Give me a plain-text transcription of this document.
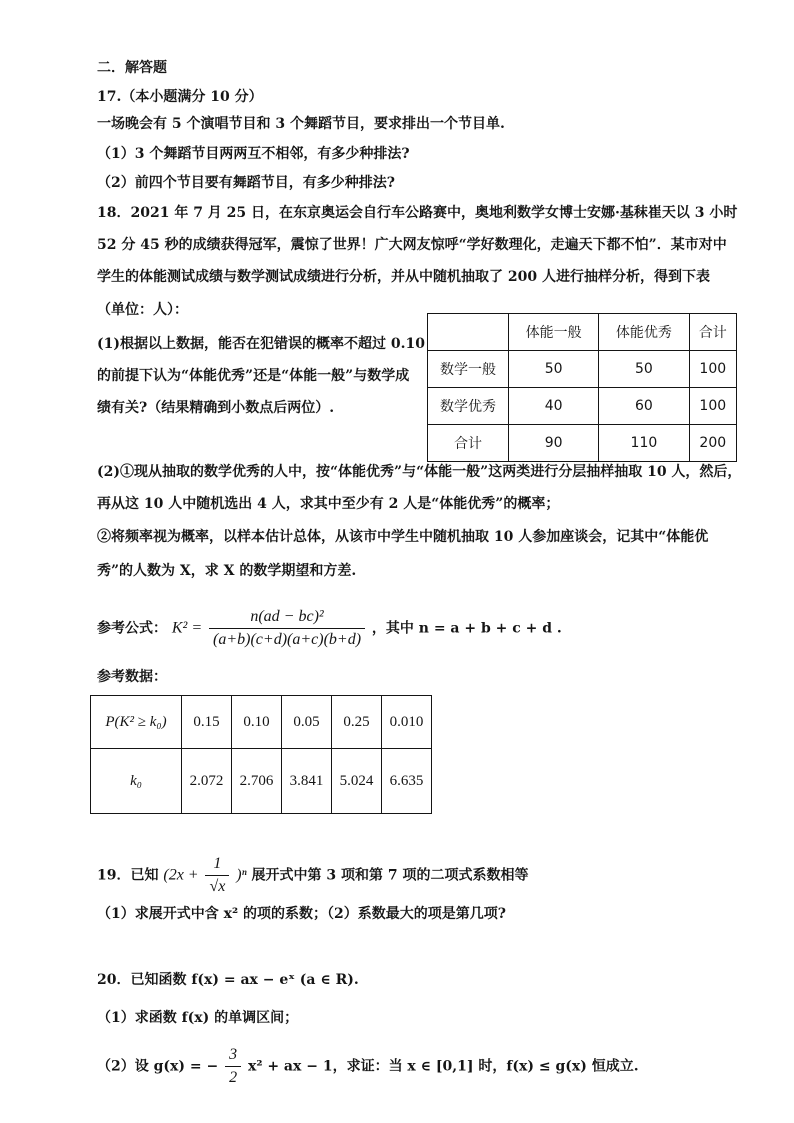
二．解答题
17.（本小题满分 10 分）
一场晚会有 5 个演唱节目和 3 个舞蹈节目，要求排出一个节目单.
（1）3 个舞蹈节目两两互不相邻，有多少种排法?
（2）前四个节目要有舞蹈节目，有多少种排法?
18．2021 年 7 月 25 日，在东京奥运会自行车公路赛中，奥地利数学女博士安娜·基秣崔天以 3 小时
52 分 45 秒的成绩获得冠军，震惊了世界！广大网友惊呼“学好数理化，走遍天下都不怕”．某市对中
学生的体能测试成绩与数学测试成绩进行分析，并从中随机抽取了 200 人进行抽样分析，得到下表
（单位：人）：
(1)根据以上数据，能否在犯错误的概率不超过 0.10
的前提下认为“体能优秀”还是“体能一般”与数学成
绩有关?（结果精确到小数点后两位）.
	体能一般	体能优秀	合计
数学一般	50	50	100
数学优秀	40	60	100
合计	90	110	200
(2)①现从抽取的数学优秀的人中，按“体能优秀”与“体能一般”这两类进行分层抽样抽取 10 人，然后，
再从这 10 人中随机选出 4 人，求其中至少有 2 人是“体能优秀”的概率；
②将频率视为概率，以样本估计总体，从该市中学生中随机抽取 10 人参加座谈会，记其中“体能优
秀”的人数为 X，求 X 的数学期望和方差.
参考公式： $K^2 = \frac{\text{n(ad − bc)²}}{(a+b)(c+d)(a+c)(b+d)}$ ，其中 n = a + b + c + d .
参考数据：
P(K² ≥ k₀)	0.15	0.10	0.05	0.25	0.010
k₀	2.072	2.706	3.841	5.024	6.635
19．已知 $(2x + \frac{1}{√x} )^n$ 展开式中第 3 项和第 7 项的二项式系数相等
（1）求展开式中含 x² 的项的系数；（2）系数最大的项是第几项?
20．已知函数 f(x) = ax − eˣ (a ∈ R).
（1）求函数 f(x) 的单调区间；
（2）设 g(x) = − $\frac{3}{2} x^2$ + ax − 1，求证：当 x ∈ [0,1] 时，f(x) ≤ g(x) 恒成立.
